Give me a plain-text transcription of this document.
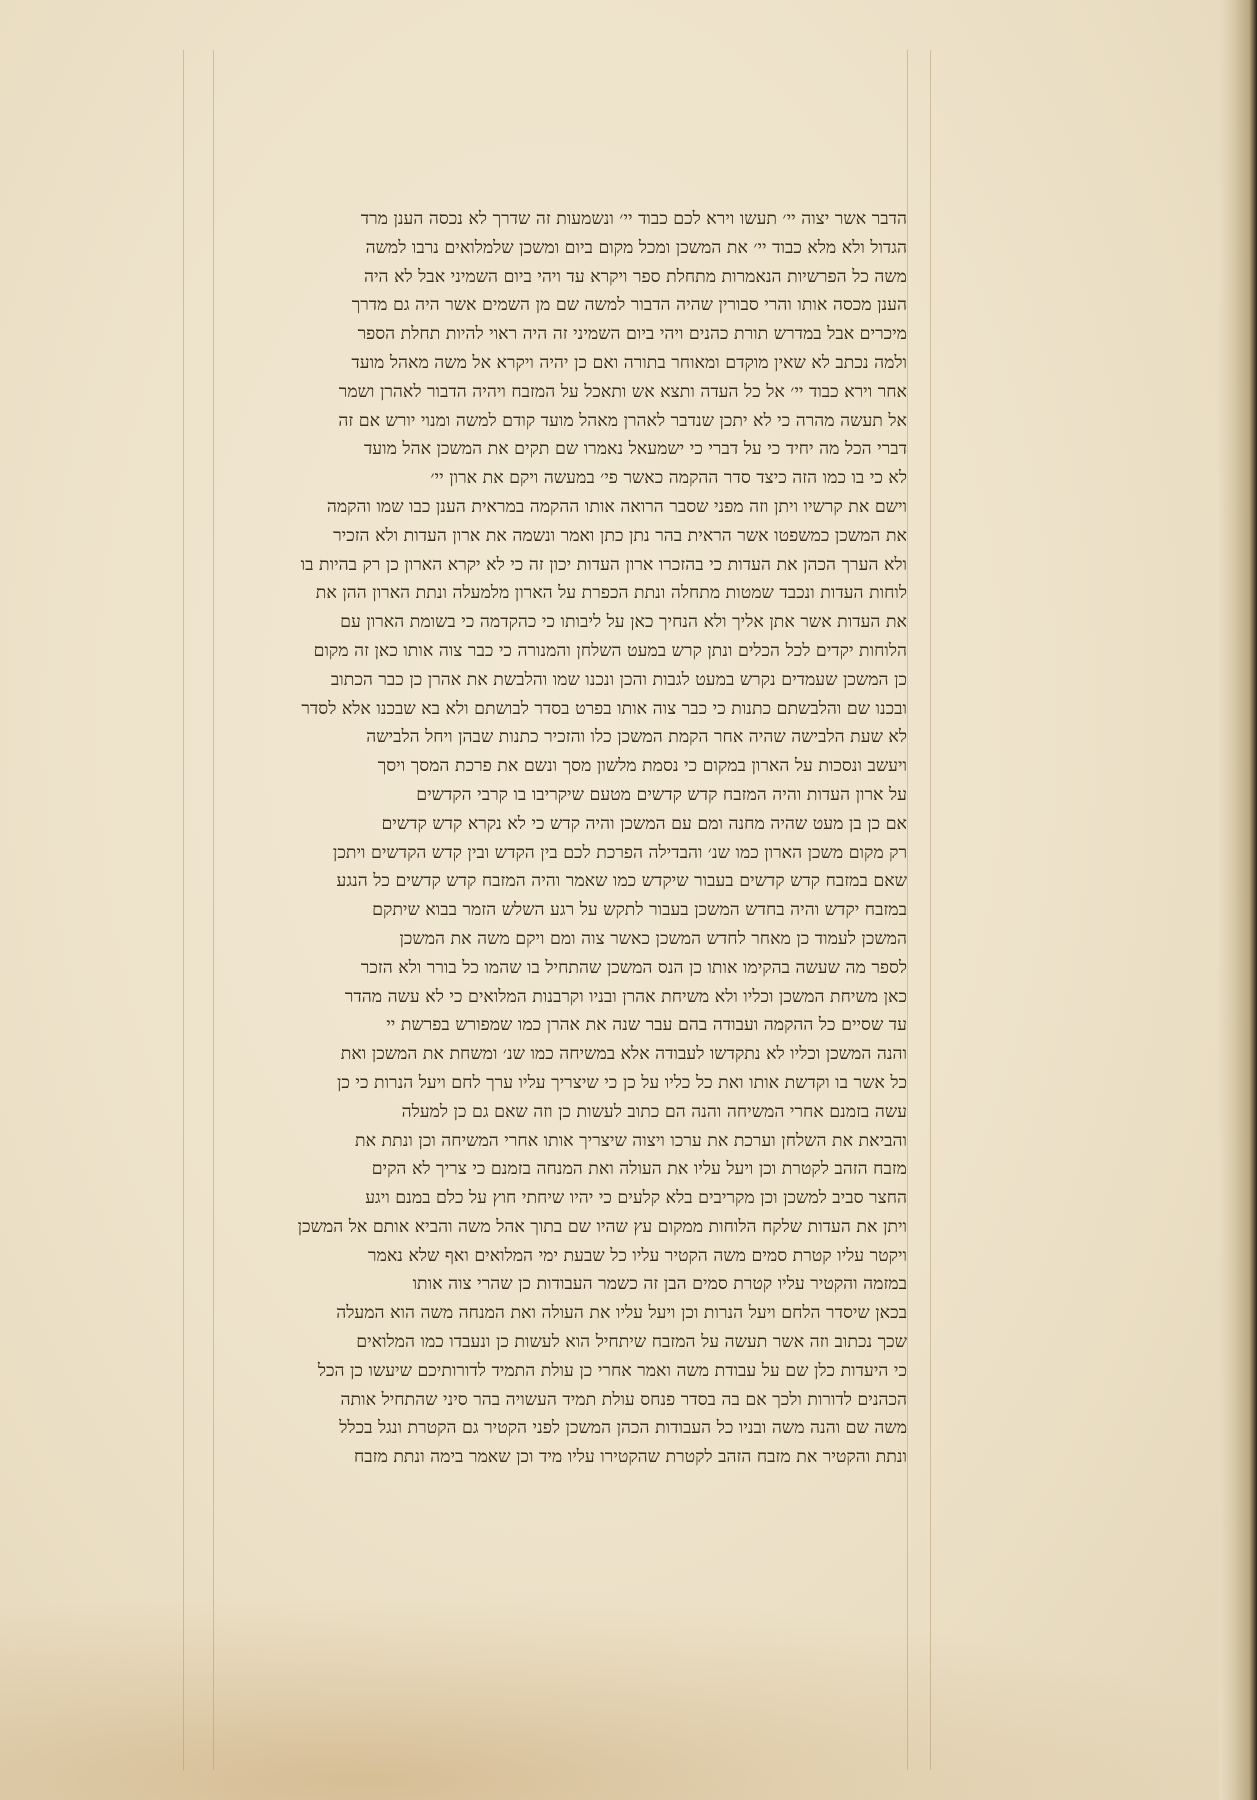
הדבר אשר יצוה יי׳ תעשו וירא לכם כבוד יי׳ ונשמעות זה שדרך לא נכסה הענן מרד
הגדול ולא מלא כבוד יי׳ את המשכן ומכל מקום ביום ומשכן שלמלואים נרבו למשה
משה כל הפרשיות הנאמרות מתחלת ספר ויקרא עד ויהי ביום השמיני אבל לא היה
הענן מכסה אותו והרי סבורין שהיה הדבור למשה שם מן השמים אשר היה גם מדרך
מיכרים אבל במדרש תורת כהנים ויהי ביום השמיני זה היה ראוי להיות תחלת הספר
ולמה נכתב לא שאין מוקדם ומאוחר בתורה ואם כן יהיה ויקרא אל משה מאהל מועד
אחר וירא כבוד יי׳ אל כל העדה ותצא אש ותאכל על המזבח ויהיה הדבור לאהרן ושמר
אל תעשה מהרה כי לא יתכן שנדבר לאהרן מאהל מועד קודם למשה ומנוי יורש אם זה
דברי הכל מה יחיד כי על דברי כי ישמעאל נאמרו שם תקים את המשכן אהל מועד
לא כי בו כמו הזה כיצד סדר ההקמה כאשר פי׳ במעשה ויקם את ארון יי׳
וישם את קרשיו ויתן וזה מפני שסבר הרואה אותו ההקמה במראית הענן כבו שמו והקמה
את המשכן כמשפטו אשר הראית בהר נתן כתן ואמר ונשמה את ארון העדות ולא הזכיר
ולא הערך הכהן את העדות כי בהזכרו ארון העדות יכון זה כי לא יקרא הארון כן רק בהיות בו
לוחות העדות ונכבד שמטות מתחלה ונתת הכפרת על הארון מלמעלה ונתת הארון ההן את
את העדות אשר אתן אליך ולא הנחיך כאן על ליבותו כי כהקדמה כי בשומת הארון עם
הלוחות יקדים לכל הכלים ונתן קרש במעט השלחן והמנורה כי כבר צוה אותו כאן זה מקום
כן המשכן שעמדים נקרש במעט לגבות והכן ונכנו שמו והלבשת את אהרן כן כבר הכתוב
ובכנו שם והלבשתם כתנות כי כבר צוה אותו בפרט בסדר לבושתם ולא בא שבכנו אלא לסדר
לא שעת הלבישה שהיה אחר הקמת המשכן כלו והזכיר כתנות שבהן ויחל הלבישה
ויעשב ונסכות על הארון במקום כי נסמת מלשון מסך ונשם את פרכת המסך ויסך
על ארון העדות והיה המזבח קדש קדשים מטעם שיקריבו בו קרבי הקדשים
אם כן בן מעט שהיה מחנה ומם עם המשכן והיה קדש כי לא נקרא קדש קדשים
רק מקום משכן הארון כמו שנ׳ והבדילה הפרכת לכם בין הקדש ובין קדש הקדשים ויתכן
שאם במזבח קדש קדשים בעבור שיקדש כמו שאמר והיה המזבח קדש קדשים כל הנגע
במזבח יקדש והיה בחדש המשכן בעבור לתקש על רגע השלש הזמר בבוא שיתקם
המשכן לעמוד כן מאחר לחדש המשכן כאשר צוה ומם ויקם משה את המשכן
לספר מה שעשה בהקימו אותו כן הנס המשכן שהתחיל בו שהמו כל בורר ולא הזכר
כאן משיחת המשכן וכליו ולא משיחת אהרן ובניו וקרבנות המלואים כי לא עשה מהדר
עד שסיים כל ההקמה ועבודה בהם עבר שנה את אהרן כמו שמפורש בפרשת יי
והנה המשכן וכליו לא נתקדשו לעבודה אלא במשיחה כמו שנ׳ ומשחת את המשכן ואת
כל אשר בו וקדשת אותו ואת כל כליו על כן כי שיצריך עליו ערך לחם ויעל הנרות כי כן
עשה בזמנם אחרי המשיחה והנה הם כתוב לעשות כן וזה שאם גם כן למעלה
והביאת את השלחן וערכת את ערכו ויצוה שיצריך אותו אחרי המשיחה וכן ונתת את
מזבח הזהב לקטרת וכן ויעל עליו את העולה ואת המנחה בזמנם כי צריך לא הקים
החצר סביב למשכן וכן מקריבים בלא קלעים כי יהיו שיחתי חוץ על כלם במנם ויגע
ויתן את העדות שלקח הלוחות ממקום עץ שהיו שם בתוך אהל משה והביא אותם אל המשכן
ויקטר עליו קטרת סמים משה הקטיר עליו כל שבעת ימי המלואים ואף שלא נאמר
במזמה והקטיר עליו קטרת סמים הבן זה כשמר העבודות כן שהרי צוה אותו
בכאן שיסדר הלחם ויעל הנרות וכן ויעל עליו את העולה ואת המנחה משה הוא המעלה
שכך נכתוב וזה אשר תעשה על המזבח שיתחיל הוא לעשות כן ונעבדו כמו המלואים
כי היעדות כלן שם על עבודת משה ואמר אחרי כן עולת התמיד לדורותיכם שיעשו כן הכל
הכהנים לדורות ולכך אם בה בסדר פנחס עולת תמיד העשויה בהר סיני שהתחיל אותה
משה שם והנה משה ובניו כל העבודות הכהן המשכן לפני הקטיר גם הקטרת ונגל בכלל
ונתת והקטיר את מזבח הזהב לקטרת שהקטירו עליו מיד וכן שאמר בימה ונתת מזבח
